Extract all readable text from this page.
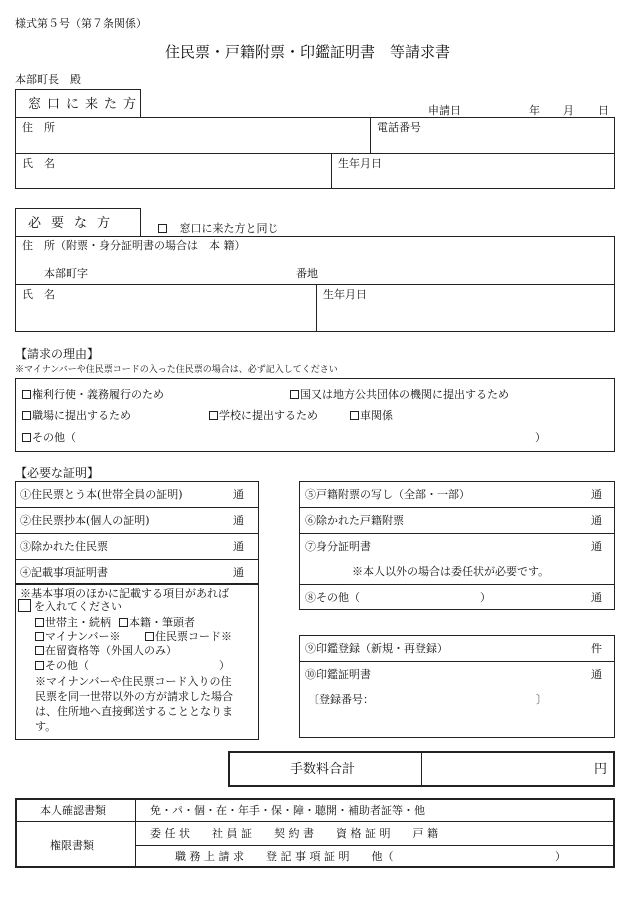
様式第５号（第７条関係）
住民票・戸籍附票・印鑑証明書　等請求書
本部町長　殿
申請日	年 月 日
窓口に来た方
住　所	電話番号
氏　名	生年月日
必要な方	窓口に来た方と同じ
住　所（附票・身分証明書の場合は　本 籍）
本部町字	番地
氏　名	生年月日
【請求の理由】
※マイナンバーや住民票コードの入った住民票の場合は、必ず記入してください
権利行使・義務履行のため	国又は地方公共団体の機関に提出するため
職場に提出するため	学校に提出するため	車関係
その他（	）
【必要な証明】
①住民票とう本(世帯全員の証明)	通
②住民票抄本(個人の証明)	通
③除かれた住民票	通
④記載事項証明書	通
※基本事項のほかに記載する項目があれば
を入れてください
世帯主・続柄	本籍・筆頭者
マイナンバー※	住民票コード※
在留資格等（外国人のみ）
その他（	）
※マイナンバーや住民票コード入りの住
民票を同一世帯以外の方が請求した場合
は、住所地へ直接郵送することとなりま
す。
⑤戸籍附票の写し（全部・一部）	通
⑥除かれた戸籍附票	通
⑦身分証明書	通
※本人以外の場合は委任状が必要です。
⑧その他（	）	通
⑨印鑑登録（新規・再登録）	件
⑩印鑑証明書	通
〔登録番号：	〕
手数料合計	円
本人確認書類	免・パ・個・在・年手・保・障・聴開・補助者証等・他
権限書類
委 任 状　　社 員 証　　契 約 書　　資 格 証 明　　戸 籍
職 務 上 請 求　　登 記 事 項 証 明　　他（	）
